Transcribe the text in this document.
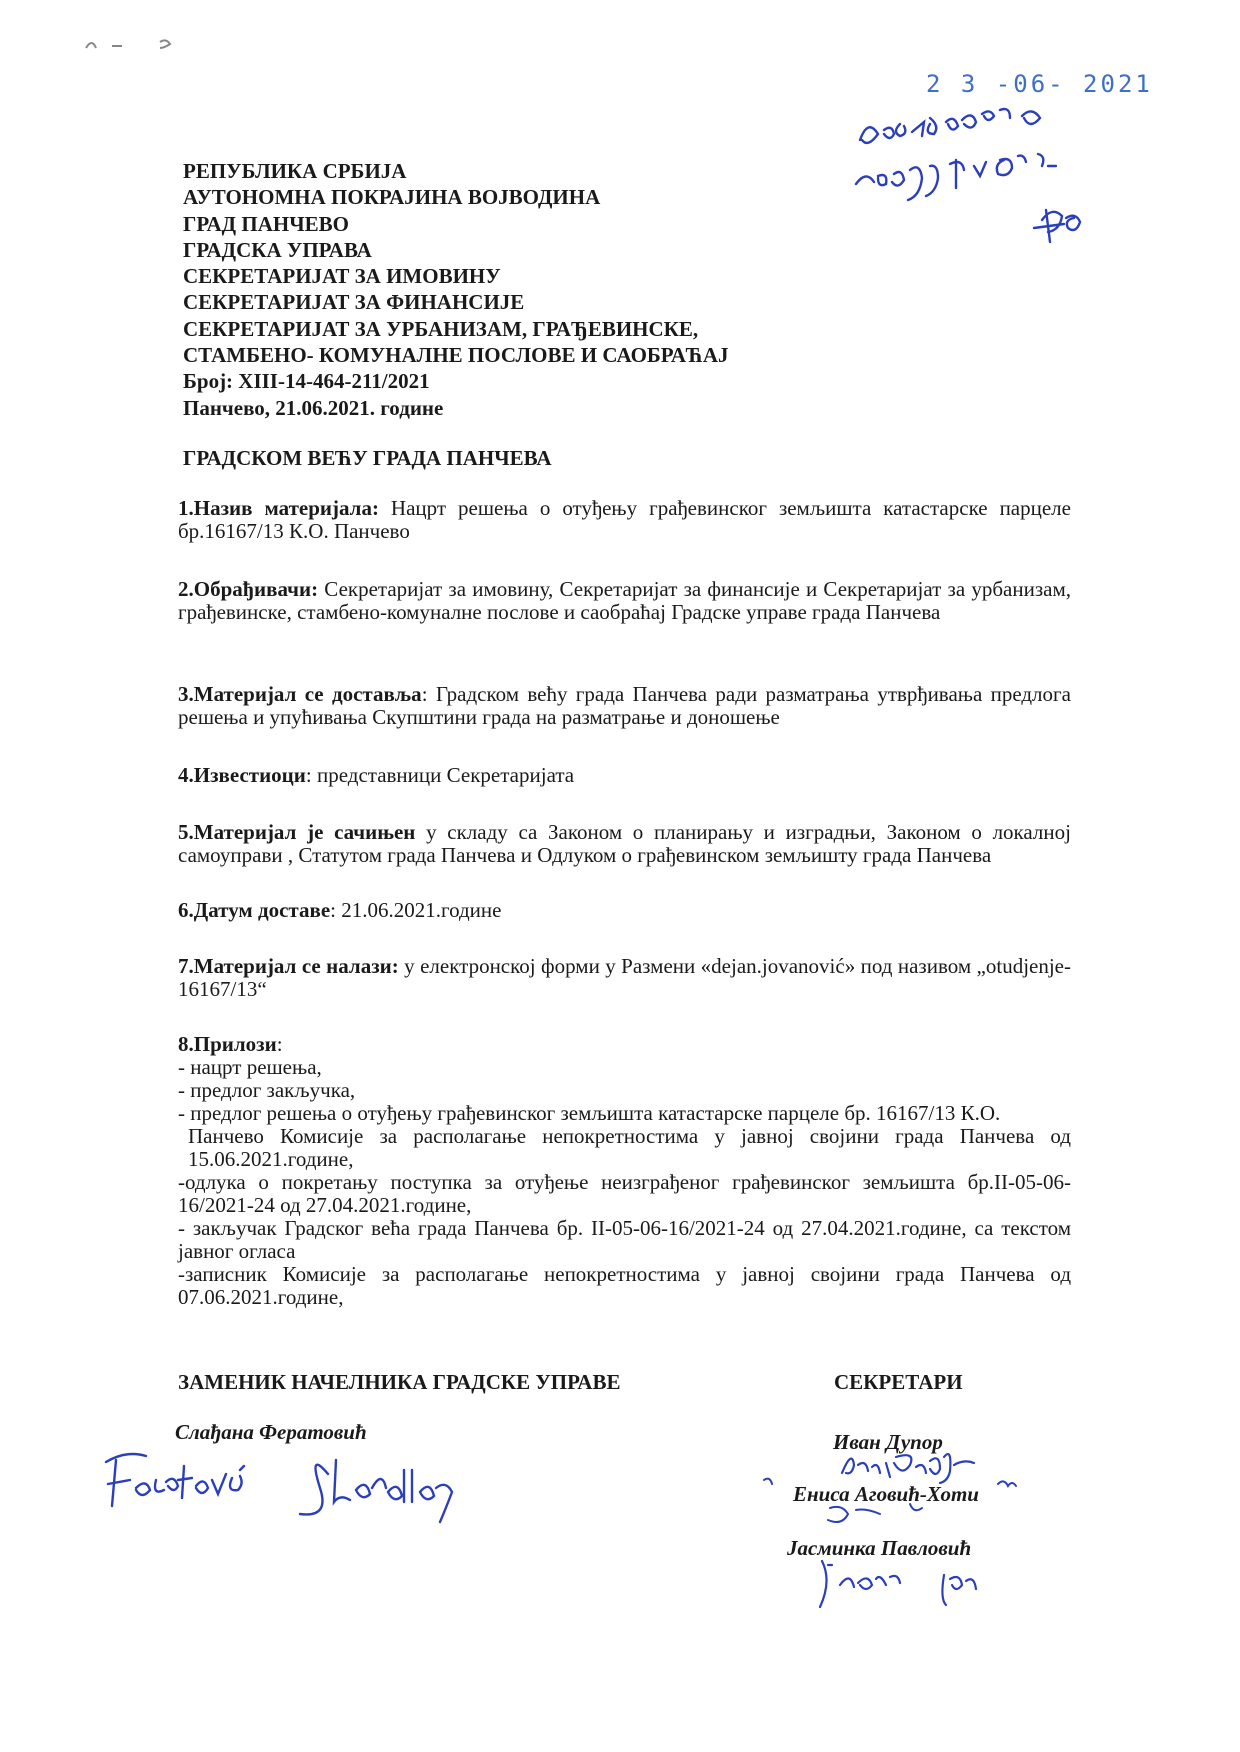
2 3 -06- 2021
РЕПУБЛИКА СРБИЈА
АУТОНОМНА ПОКРАЈИНА ВОЈВОДИНА
ГРАД ПАНЧЕВО
ГРАДСКА УПРАВА
СЕКРЕТАРИЈАТ ЗА ИМОВИНУ
СЕКРЕТАРИЈАТ ЗА ФИНАНСИЈЕ
СЕКРЕТАРИЈАТ ЗА УРБАНИЗАМ, ГРАЂЕВИНСКЕ,
СТАМБЕНО- КОМУНАЛНЕ ПОСЛОВЕ И САОБРАЋАЈ
Број: XIII-14-464-211/2021
Панчево, 21.06.2021. године
ГРАДСКОМ ВЕЋУ ГРАДА ПАНЧЕВА
1.Назив материјала: Нацрт решења о отуђењу грађевинског земљишта катастарске парцеле бр.16167/13 К.О. Панчево
2.Обрађивачи: Секретаријат за имовину, Секретаријат за финансије и Секретаријат за урбанизам, грађевинске, стамбено-комуналне послове и саобраћај Градске управе града Панчева
3.Материјал се доставља: Градском већу града Панчева ради разматрања утврђивања предлога решења и упућивања Скупштини града на разматрање и доношење
4.Известиоци: представници Секретаријата
5.Материјал је сачињен у складу са Законом о планирању и изградњи, Законом о локалној самоуправи , Статутом града Панчева и Одлуком о грађевинском земљишту града Панчева
6.Датум доставе: 21.06.2021.године
7.Материјал се налази: у електронској форми у Размени «dejan.jovanović» под називом „otudjenje-16167/13“
8.Прилози:
- нацрт решења,
- предлог закључка,
- предлог решења о отуђењу грађевинског земљишта катастарске парцеле бр. 16167/13 К.О.
Панчево Комисије за располагање непокретностима у јавној својини града Панчева од 15.06.2021.године,
-одлука о покретању поступка за отуђење неизграђеног грађевинског земљишта бр.II-05-06-16/2021-24 од 27.04.2021.године,
- закључак Градског већа града Панчева бр. II-05-06-16/2021-24 од 27.04.2021.године, са текстом јавног огласа
-записник Комисије за располагање непокретностима у јавној својини града Панчева од 07.06.2021.године,
ЗАМЕНИК НАЧЕЛНИКА ГРАДСКЕ УПРАВЕ	СЕКРЕТАРИ
Слађана Фератовић	Иван Дупор
Ениса Аговић-Хоти
Јасминка Павловић
